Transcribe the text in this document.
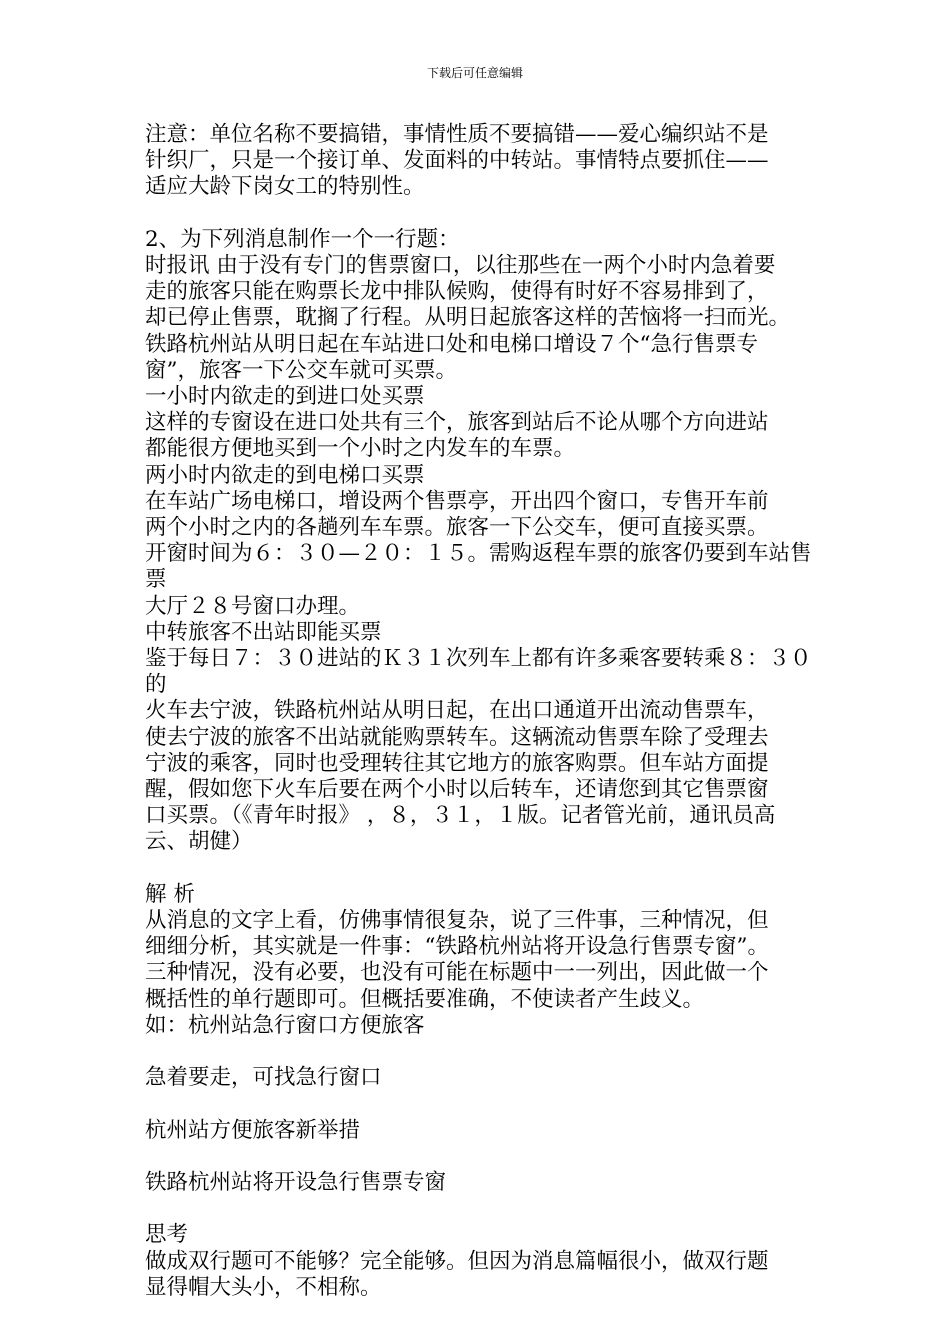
下载后可任意编辑

注意：单位名称不要搞错，事情性质不要搞错——爱心编织站不是

针织厂，只是一个接订单、发面料的中转站。事情特点要抓住——

适应大龄下岗女工的特别性。

2、为下列消息制作一个一行题：

时报讯 由于没有专门的售票窗口，以往那些在一两个小时内急着要

走的旅客只能在购票长龙中排队候购，使得有时好不容易排到了，

却已停止售票，耽搁了行程。从明日起旅客这样的苦恼将一扫而光。

铁路杭州站从明日起在车站进口处和电梯口增设７个“急行售票专

窗”，旅客一下公交车就可买票。

一小时内欲走的到进口处买票

这样的专窗设在进口处共有三个，旅客到站后不论从哪个方向进站

都能很方便地买到一个小时之内发车的车票。

两小时内欲走的到电梯口买票

在车站广场电梯口，增设两个售票亭，开出四个窗口，专售开车前

两个小时之内的各趟列车车票。旅客一下公交车，便可直接买票。

开窗时间为６：３０—２０：１５。需购返程车票的旅客仍要到车站售票

大厅２８号窗口办理。

中转旅客不出站即能买票

鉴于每日７：３０进站的Ｋ３１次列车上都有许多乘客要转乘８：３０的

火车去宁波，铁路杭州站从明日起，在出口通道开出流动售票车，

使去宁波的旅客不出站就能购票转车。这辆流动售票车除了受理去

宁波的乘客，同时也受理转往其它地方的旅客购票。但车站方面提

醒，假如您下火车后要在两个小时以后转车，还请您到其它售票窗

口买票。（《青年时报》 ，８，３１，１版。记者管光前，通讯员高

云、胡健）

解 析

从消息的文字上看，仿佛事情很复杂，说了三件事，三种情况，但

细细分析，其实就是一件事：“铁路杭州站将开设急行售票专窗”。

三种情况，没有必要，也没有可能在标题中一一列出，因此做一个

概括性的单行题即可。但概括要准确，不使读者产生歧义。

如：杭州站急行窗口方便旅客

急着要走，可找急行窗口

杭州站方便旅客新举措

铁路杭州站将开设急行售票专窗

思考

做成双行题可不能够？完全能够。但因为消息篇幅很小，做双行题

显得帽大头小，不相称。
